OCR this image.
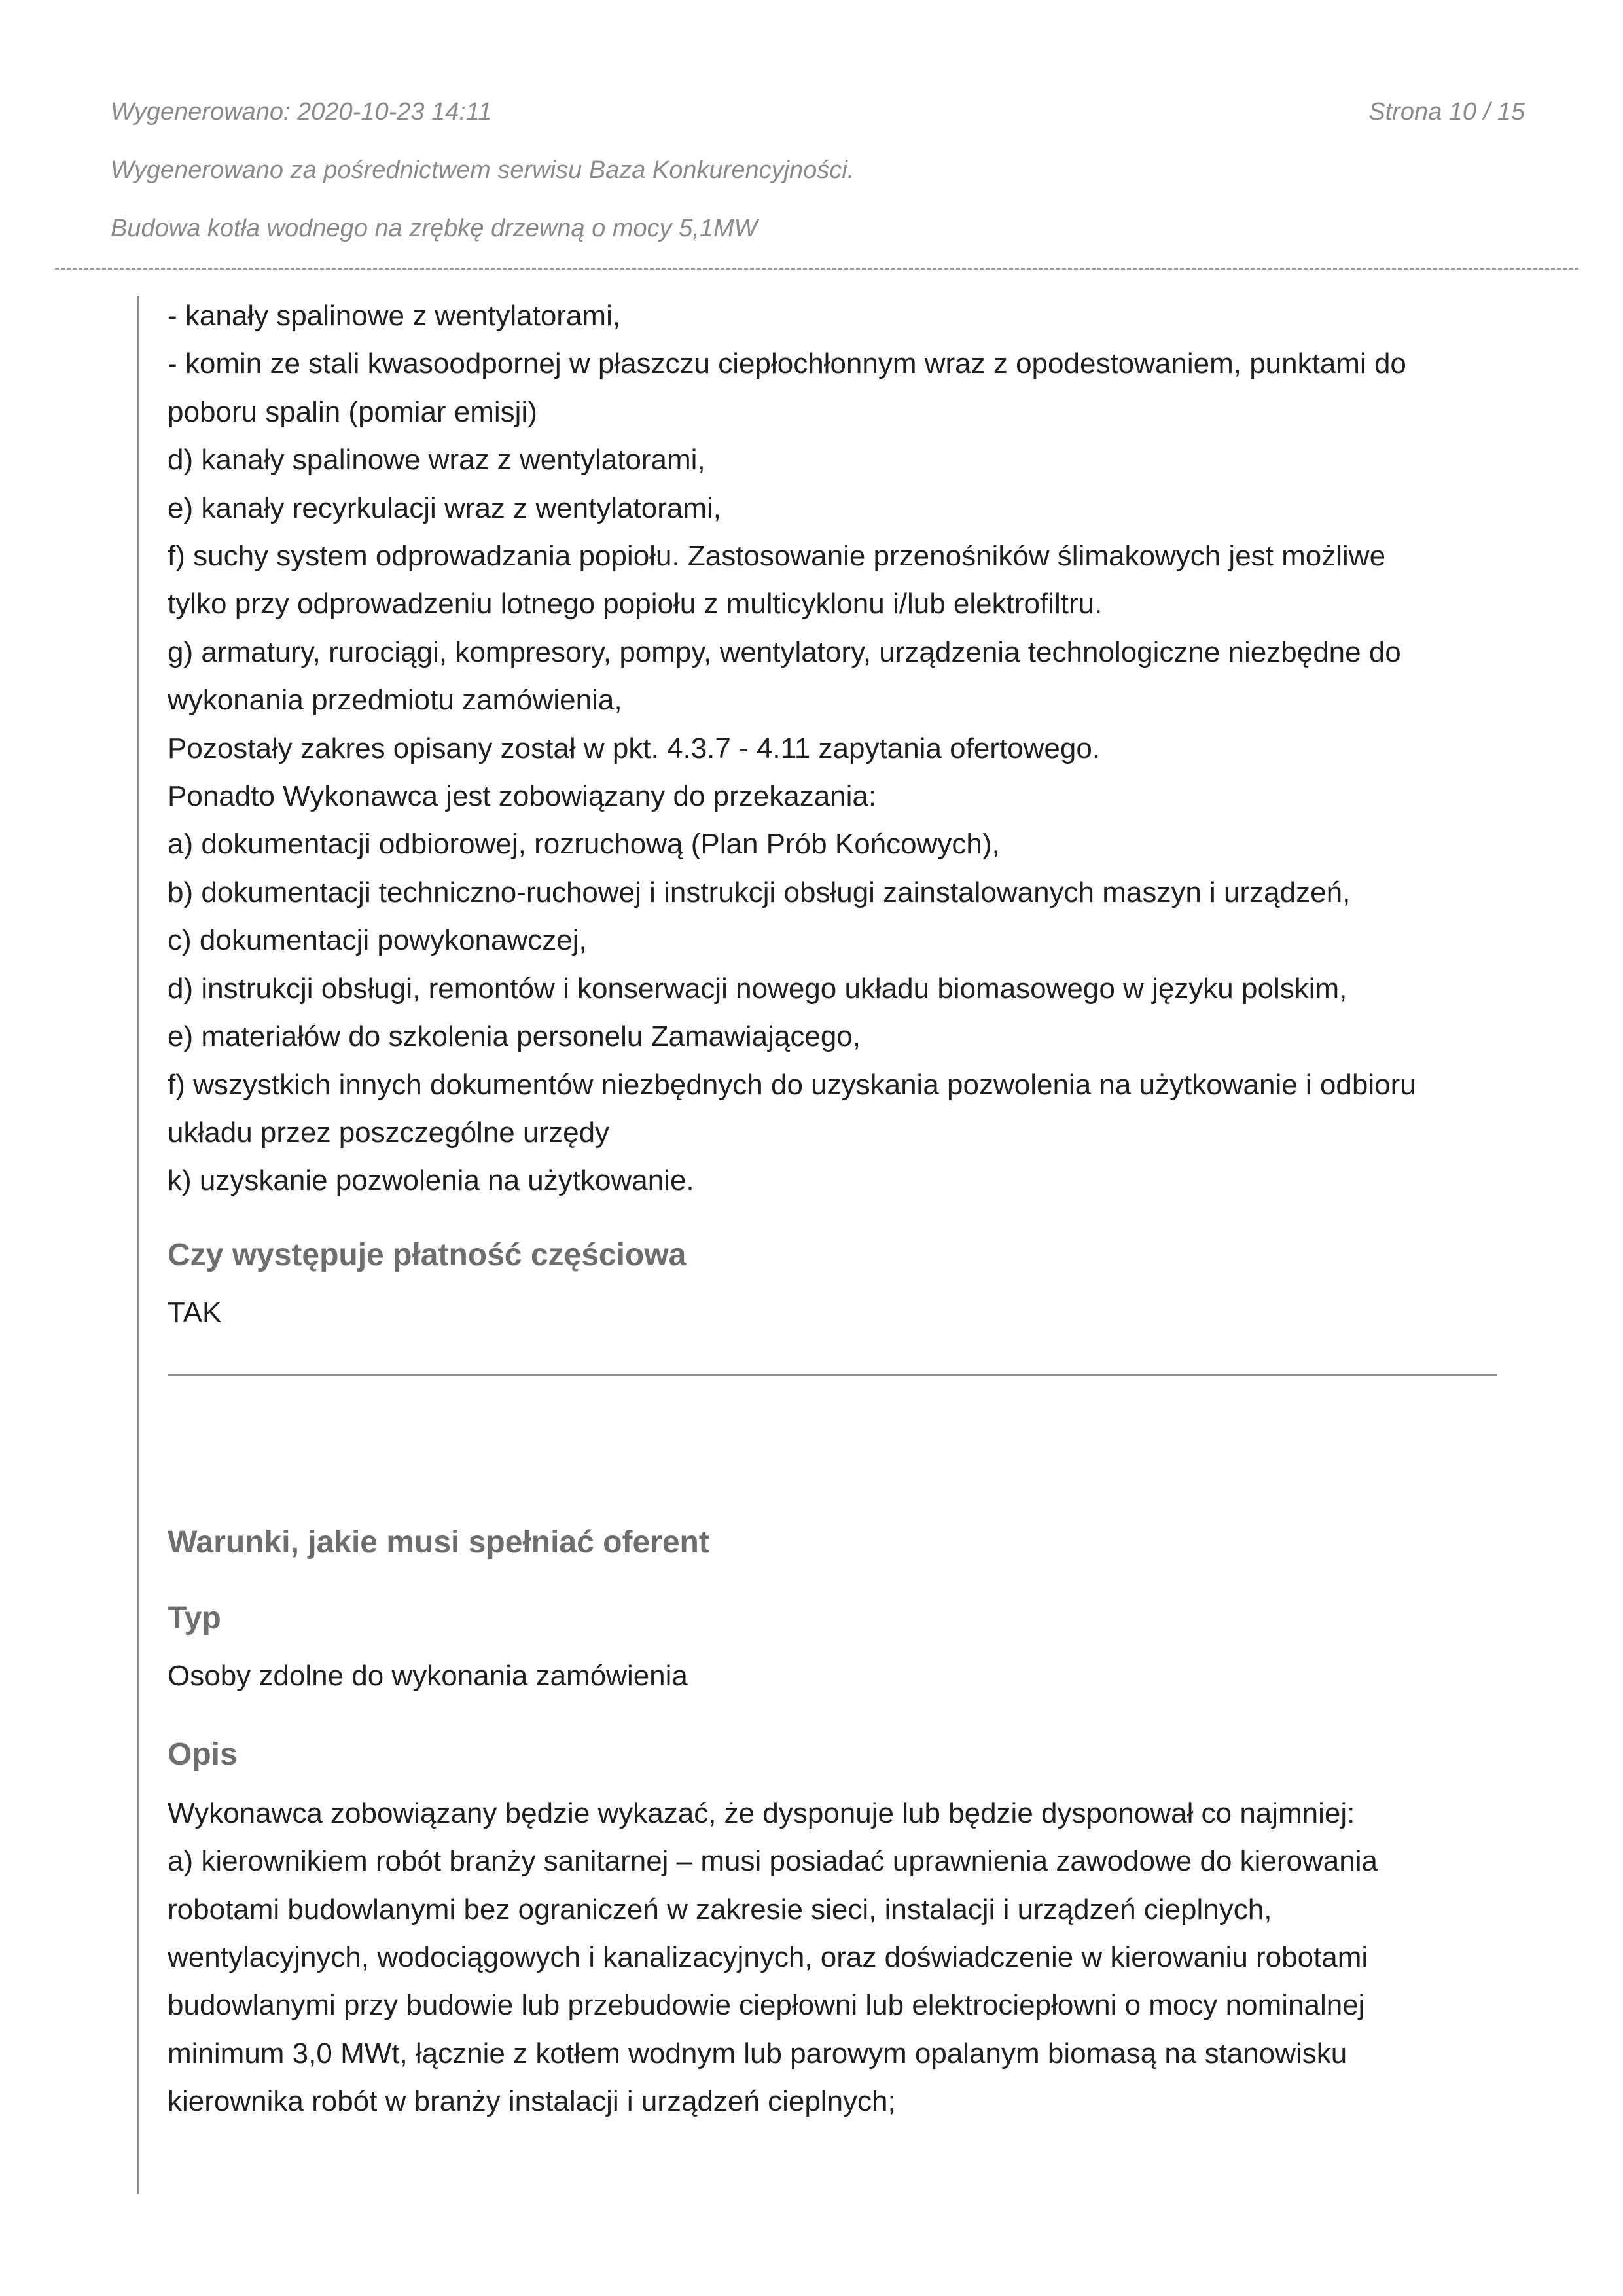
Wygenerowano: 2020-10-23 14:11	Strona 10 / 15
Wygenerowano za pośrednictwem serwisu Baza Konkurencyjności.
Budowa kotła wodnego na zrębkę drzewną o mocy 5,1MW
- kanały spalinowe z wentylatorami,
- komin ze stali kwasoodpornej w płaszczu ciepłochłonnym wraz z opodestowaniem, punktami do
poboru spalin (pomiar emisji)
d) kanały spalinowe wraz z wentylatorami,
e) kanały recyrkulacji wraz z wentylatorami,
f) suchy system odprowadzania popiołu. Zastosowanie przenośników ślimakowych jest możliwe
tylko przy odprowadzeniu lotnego popiołu z multicyklonu i/lub elektrofiltru.
g) armatury, rurociągi, kompresory, pompy, wentylatory, urządzenia technologiczne niezbędne do
wykonania przedmiotu zamówienia,
Pozostały zakres opisany został w pkt. 4.3.7 - 4.11 zapytania ofertowego.
Ponadto Wykonawca jest zobowiązany do przekazania:
a) dokumentacji odbiorowej, rozruchową (Plan Prób Końcowych),
b) dokumentacji techniczno-ruchowej i instrukcji obsługi zainstalowanych maszyn i urządzeń,
c) dokumentacji powykonawczej,
d) instrukcji obsługi, remontów i konserwacji nowego układu biomasowego w języku polskim,
e) materiałów do szkolenia personelu Zamawiającego,
f) wszystkich innych dokumentów niezbędnych do uzyskania pozwolenia na użytkowanie i odbioru
układu przez poszczególne urzędy
k) uzyskanie pozwolenia na użytkowanie.
Czy występuje płatność częściowa
TAK
Warunki, jakie musi spełniać oferent
Typ
Osoby zdolne do wykonania zamówienia
Opis
Wykonawca zobowiązany będzie wykazać, że dysponuje lub będzie dysponował co najmniej:
a) kierownikiem robót branży sanitarnej – musi posiadać uprawnienia zawodowe do kierowania
robotami budowlanymi bez ograniczeń w zakresie sieci, instalacji i urządzeń cieplnych,
wentylacyjnych, wodociągowych i kanalizacyjnych, oraz doświadczenie w kierowaniu robotami
budowlanymi przy budowie lub przebudowie ciepłowni lub elektrociepłowni o mocy nominalnej
minimum 3,0 MWt, łącznie z kotłem wodnym lub parowym opalanym biomasą na stanowisku
kierownika robót w branży instalacji i urządzeń cieplnych;
